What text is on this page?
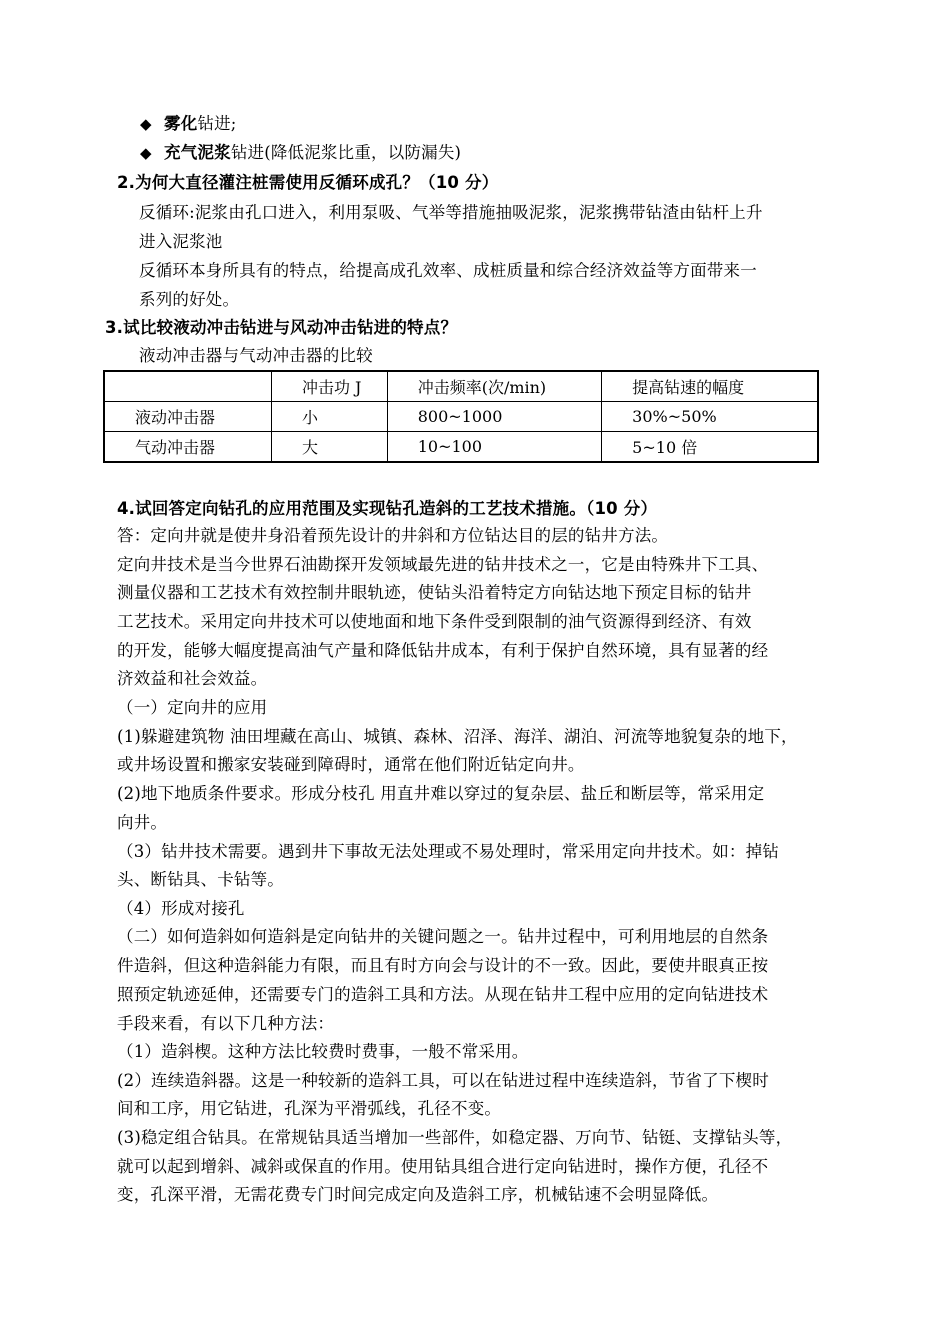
◆ 雾化钻进;
◆ 充气泥浆钻进(降低泥浆比重，以防漏失)
2.为何大直径灌注桩需使用反循环成孔？（10 分）
反循环:泥浆由孔口进入，利用泵吸、气举等措施抽吸泥浆，泥浆携带钻渣由钻杆上升
进入泥浆池
反循环本身所具有的特点，给提高成孔效率、成桩质量和综合经济效益等方面带来一
系列的好处。
3.试比较液动冲击钻进与风动冲击钻进的特点？
液动冲击器与气动冲击器的比较
	冲击功 J	冲击频率(次/min)	提高钻速的幅度
液动冲击器	小	800~1000	30%~50%
气动冲击器	大	10~100	5~10 倍
4.试回答定向钻孔的应用范围及实现钻孔造斜的工艺技术措施。（10 分）
答：定向井就是使井身沿着预先设计的井斜和方位钻达目的层的钻井方法。
定向井技术是当今世界石油勘探开发领域最先进的钻井技术之一，它是由特殊井下工具、
测量仪器和工艺技术有效控制井眼轨迹，使钻头沿着特定方向钻达地下预定目标的钻井
工艺技术。采用定向井技术可以使地面和地下条件受到限制的油气资源得到经济、有效
的开发，能够大幅度提高油气产量和降低钻井成本，有利于保护自然环境，具有显著的经
济效益和社会效益。
（一）定向井的应用
(1)躲避建筑物 油田埋藏在高山、城镇、森林、沼泽、海洋、湖泊、河流等地貌复杂的地下，
或井场设置和搬家安装碰到障碍时，通常在他们附近钻定向井。
(2)地下地质条件要求。形成分枝孔 用直井难以穿过的复杂层、盐丘和断层等，常采用定
向井。
（3）钻井技术需要。遇到井下事故无法处理或不易处理时，常采用定向井技术。如：掉钻
头、断钻具、卡钻等。
（4）形成对接孔
（二）如何造斜如何造斜是定向钻井的关键问题之一。钻井过程中，可利用地层的自然条
件造斜，但这种造斜能力有限，而且有时方向会与设计的不一致。因此，要使井眼真正按
照预定轨迹延伸，还需要专门的造斜工具和方法。从现在钻井工程中应用的定向钻进技术
手段来看，有以下几种方法：
（1）造斜楔。这种方法比较费时费事，一般不常采用。
(2）连续造斜器。这是一种较新的造斜工具，可以在钻进过程中连续造斜，节省了下楔时
间和工序，用它钻进，孔深为平滑弧线，孔径不变。
(3)稳定组合钻具。在常规钻具适当增加一些部件，如稳定器、万向节、钻铤、支撑钻头等，
就可以起到增斜、减斜或保直的作用。使用钻具组合进行定向钻进时，操作方便，孔径不
变，孔深平滑，无需花费专门时间完成定向及造斜工序，机械钻速不会明显降低。
